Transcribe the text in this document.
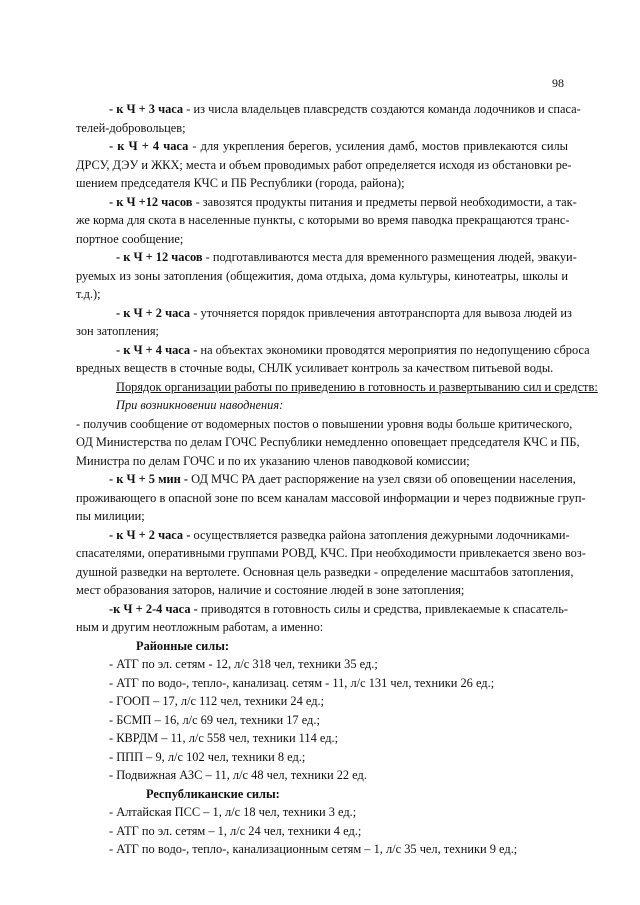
98
- к Ч + 3 часа - из числа владельцев плавсредств создаются команда лодочников и спаса-
телей-добровольцев;
- к Ч + 4 часа - для укрепления берегов, усиления дамб, мостов привлекаются силы
ДРСУ, ДЭУ и ЖКХ; места и объем проводимых работ определяется исходя из обстановки ре-
шением председателя КЧС и ПБ Республики (города, района);
- к Ч +12 часов - завозятся продукты питания и предметы первой необходимости, а так-
же корма для скота в населенные пункты, с которыми во время паводка прекращаются транс-
портное сообщение;
- к Ч + 12 часов - подготавливаются места для временного размещения людей, эвакуи-
руемых из зоны затопления (общежития, дома отдыха, дома культуры, кинотеатры, школы и
т.д.);
- к Ч + 2 часа - уточняется порядок привлечения автотранспорта для вывоза людей из
зон затопления;
- к Ч + 4 часа - на объектах экономики проводятся мероприятия по недопущению сброса
вредных веществ в сточные воды, СНЛК усиливает контроль за качеством питьевой воды.
Порядок организации работы по приведению в готовность и развертыванию сил и средств:
При возникновении наводнения:
- получив сообщение от водомерных постов о повышении уровня воды больше критического,
ОД Министерства по делам ГОЧС Республики немедленно оповещает председателя КЧС и ПБ,
Министра по делам ГОЧС и по их указанию членов паводковой комиссии;
- к Ч + 5 мин - ОД МЧС РА дает распоряжение на узел связи об оповещении населения,
проживающего в опасной зоне по всем каналам массовой информации и через подвижные груп-
пы милиции;
- к Ч + 2 часа - осуществляется разведка района затопления дежурными лодочниками-
спасателями, оперативными группами РОВД, КЧС. При необходимости привлекается звено воз-
душной разведки на вертолете. Основная цель разведки - определение масштабов затопления,
мест образования заторов, наличие и состояние людей в зоне затопления;
-к Ч + 2-4 часа - приводятся в готовность силы и средства, привлекаемые к спасатель-
ным и другим неотложным работам, а именно:
Районные силы:
- АТГ по эл. сетям - 12, л/с 318 чел, техники 35 ед.;
- АТГ по водо-, тепло-, канализац. сетям - 11, л/с 131 чел, техники 26 ед.;
- ГООП – 17, л/с 112 чел, техники 24 ед.;
- БСМП – 16, л/с 69 чел, техники 17 ед.;
- КВРДМ – 11, л/с 558 чел, техники 114 ед.;
- ППП – 9, л/с 102 чел, техники 8 ед.;
- Подвижная АЗС – 11, л/с 48 чел, техники 22 ед.
Республиканские силы:
- Алтайская ПСС – 1, л/с 18 чел, техники 3 ед.;
- АТГ по эл. сетям – 1, л/с 24 чел, техники 4 ед.;
- АТГ по водо-, тепло-, канализационным сетям – 1, л/с 35 чел, техники 9 ед.;
